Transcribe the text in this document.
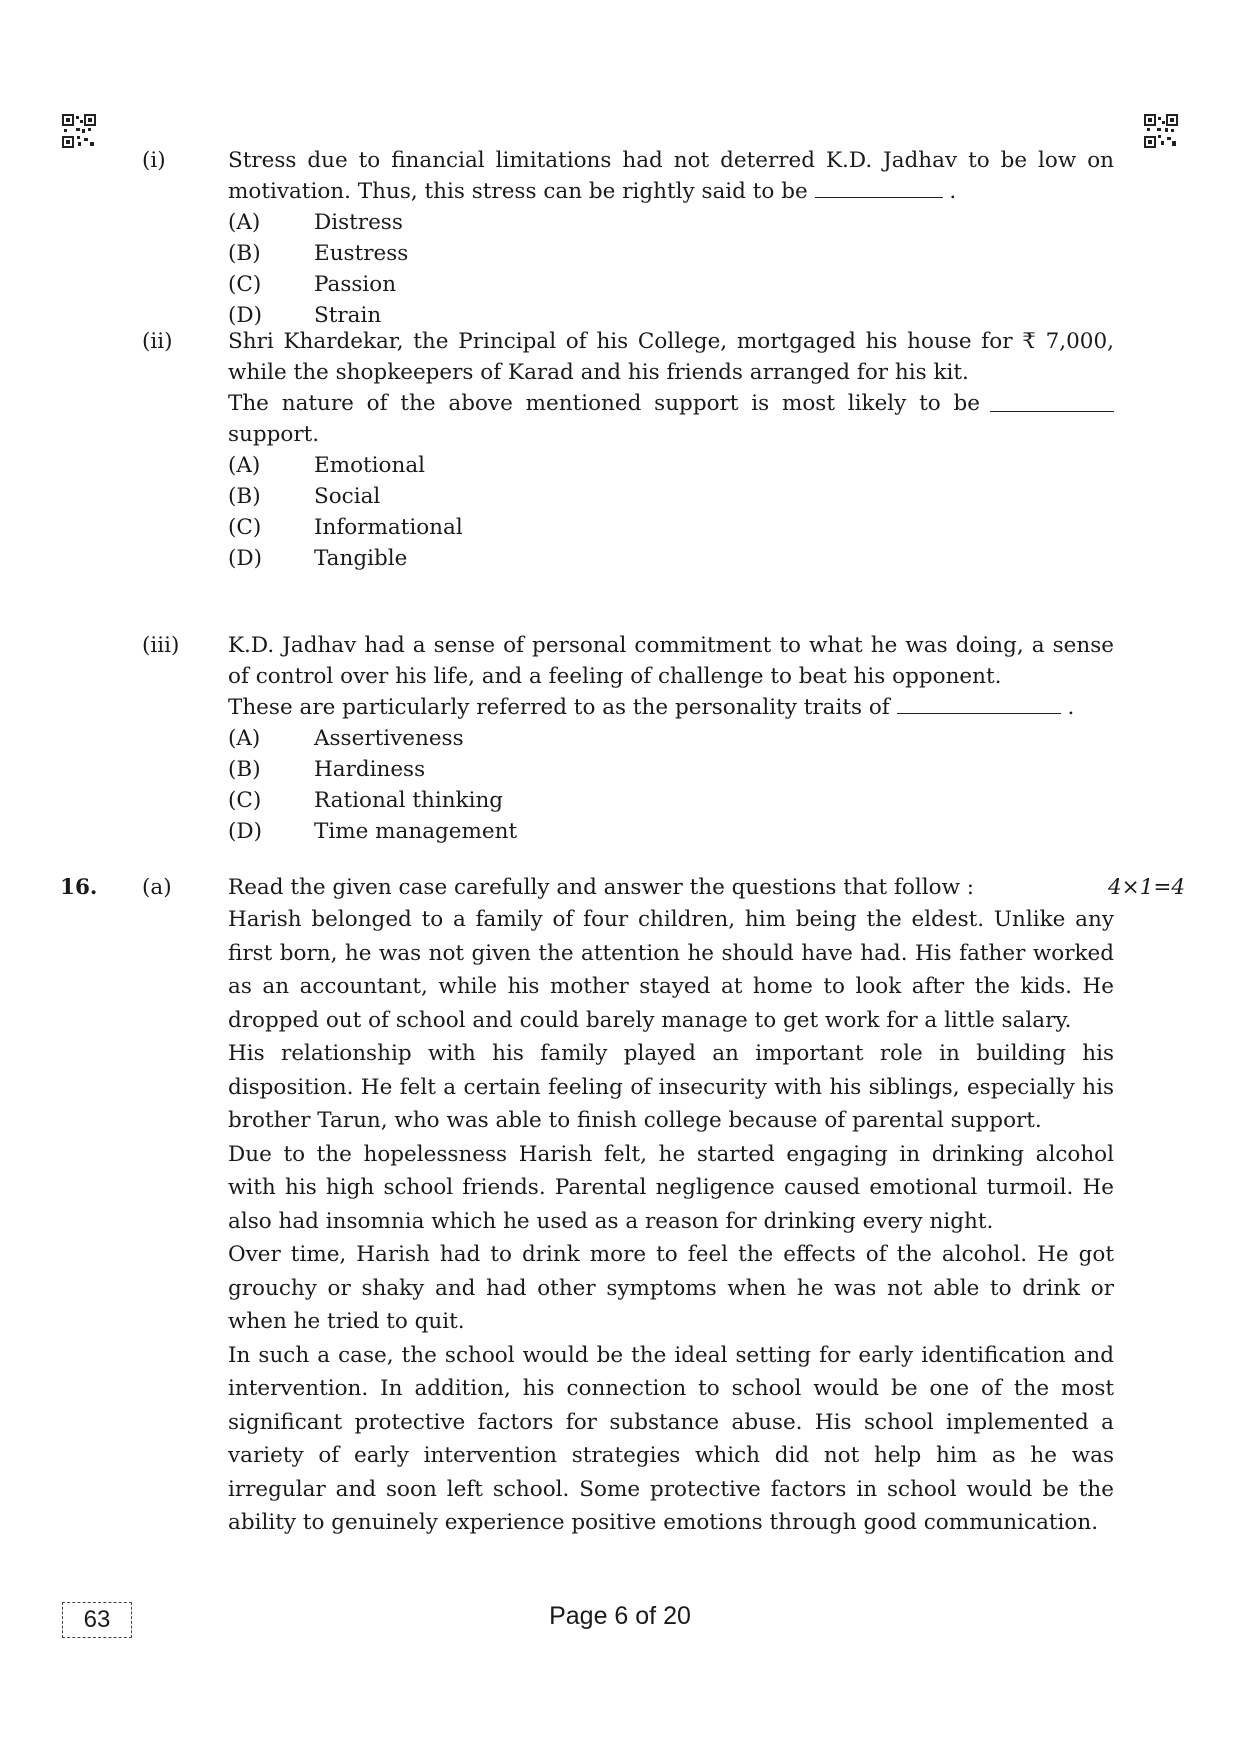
(i)	Stress due to financial limitations had not deterred K.D. Jadhav to be low on
motivation. Thus, this stress can be rightly said to be	.
(A)	Distress
(B)	Eustress
(C)	Passion
(D)	Strain
(ii)	Shri Khardekar, the Principal of his College, mortgaged his house for ₹ 7,000,
while the shopkeepers of Karad and his friends arranged for his kit.
The nature of the above mentioned support is most likely to be
support.
(A)	Emotional
(B)	Social
(C)	Informational
(D)	Tangible
(iii) K.D. Jadhav had a sense of personal commitment to what he was doing, a sense
of control over his life, and a feeling of challenge to beat his opponent.
These are particularly referred to as the personality traits of	.
(A)	Assertiveness
(B)	Hardiness
(C)	Rational thinking
(D)	Time management
16. (a)	4×1=4
Read the given case carefully and answer the questions that follow :

Harish belonged to a family of four children, him being the eldest. Unlike any first born, he was not given the attention he should have had. His father worked as an accountant, while his mother stayed at home to look after the kids. He dropped out of school and could barely manage to get work for a little salary.

His relationship with his family played an important role in building his disposition. He felt a certain feeling of insecurity with his siblings, especially his brother Tarun, who was able to finish college because of parental support.

Due to the hopelessness Harish felt, he started engaging in drinking alcohol with his high school friends. Parental negligence caused emotional turmoil. He also had insomnia which he used as a reason for drinking every night.

Over time, Harish had to drink more to feel the effects of the alcohol. He got grouchy or shaky and had other symptoms when he was not able to drink or when he tried to quit.

In such a case, the school would be the ideal setting for early identification and intervention. In addition, his connection to school would be one of the most significant protective factors for substance abuse. His school implemented a variety of early intervention strategies which did not help him as he was irregular and soon left school. Some protective factors in school would be the ability to genuinely experience positive emotions through good communication.

63	Page 6 of 20
